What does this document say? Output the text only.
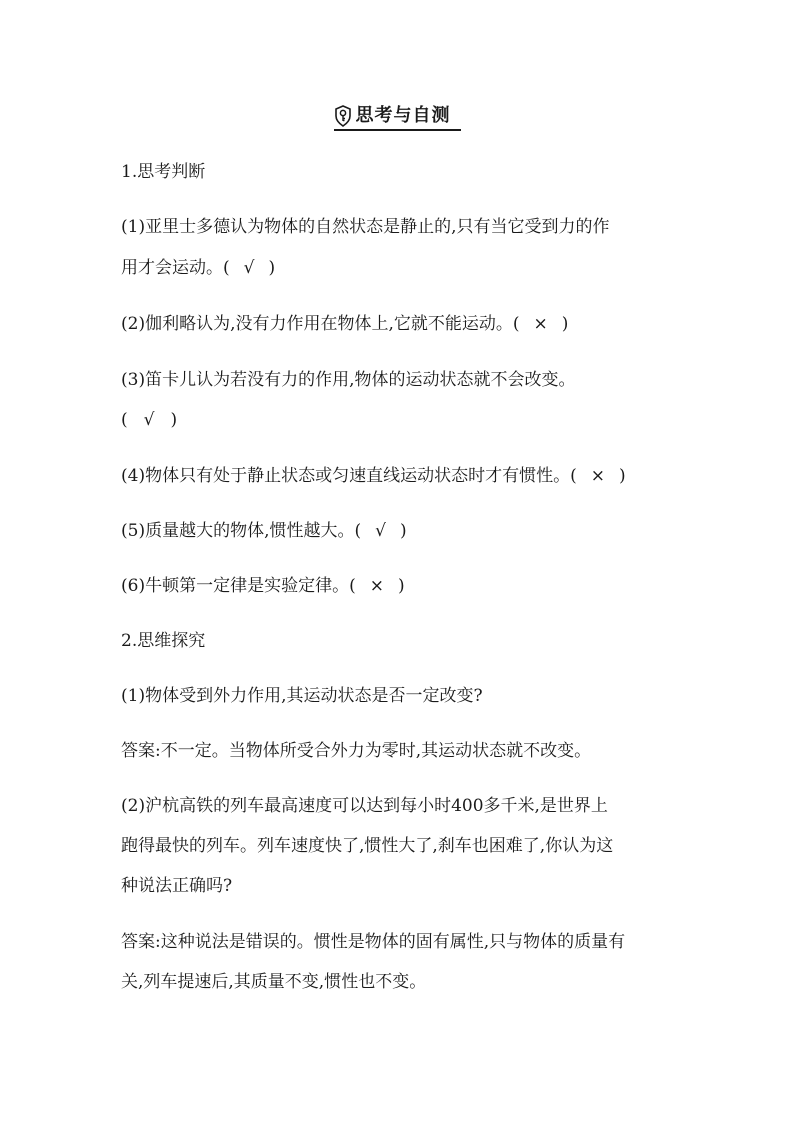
思考与自测
1.思考判断
(1)亚里士多德认为物体的自然状态是静止的,只有当它受到力的作
用才会运动。( √ )
(2)伽利略认为,没有力作用在物体上,它就不能运动。( × )
(3)笛卡儿认为若没有力的作用,物体的运动状态就不会改变。
( √ )
(4)物体只有处于静止状态或匀速直线运动状态时才有惯性。( × )
(5)质量越大的物体,惯性越大。( √ )
(6)牛顿第一定律是实验定律。( × )
2.思维探究
(1)物体受到外力作用,其运动状态是否一定改变?
答案:不一定。当物体所受合外力为零时,其运动状态就不改变。
(2)沪杭高铁的列车最高速度可以达到每小时400多千米,是世界上
跑得最快的列车。列车速度快了,惯性大了,刹车也困难了,你认为这
种说法正确吗?
答案:这种说法是错误的。惯性是物体的固有属性,只与物体的质量有
关,列车提速后,其质量不变,惯性也不变。
